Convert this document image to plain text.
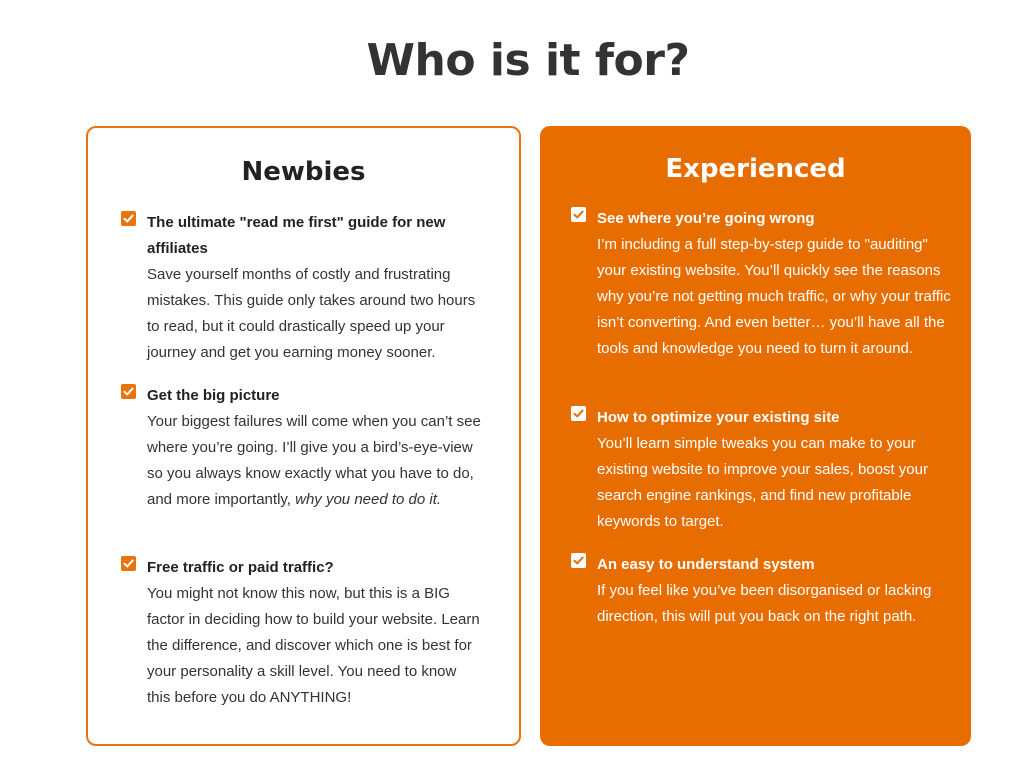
Who is it for?
Newbies
The ultimate "read me first" guide for new affiliates
Save yourself months of costly and frustrating mistakes. This guide only takes around two hours to read, but it could drastically speed up your journey and get you earning money sooner.
Get the big picture
Your biggest failures will come when you can’t see where you’re going. I’ll give you a bird’s-eye-view so you always know exactly what you have to do, and more importantly, why you need to do it.
Free traffic or paid traffic?
You might not know this now, but this is a BIG factor in deciding how to build your website. Learn the difference, and discover which one is best for your personality a skill level. You need to know this before you do ANYTHING!
Experienced
See where you’re going wrong
I’m including a full step-by-step guide to "auditing" your existing website. You’ll quickly see the reasons why you’re not getting much traffic, or why your traffic isn’t converting. And even better… you’ll have all the tools and knowledge you need to turn it around.
How to optimize your existing site
You’ll learn simple tweaks you can make to your existing website to improve your sales, boost your search engine rankings, and find new profitable keywords to target.
An easy to understand system
If you feel like you’ve been disorganised or lacking direction, this will put you back on the right path.
